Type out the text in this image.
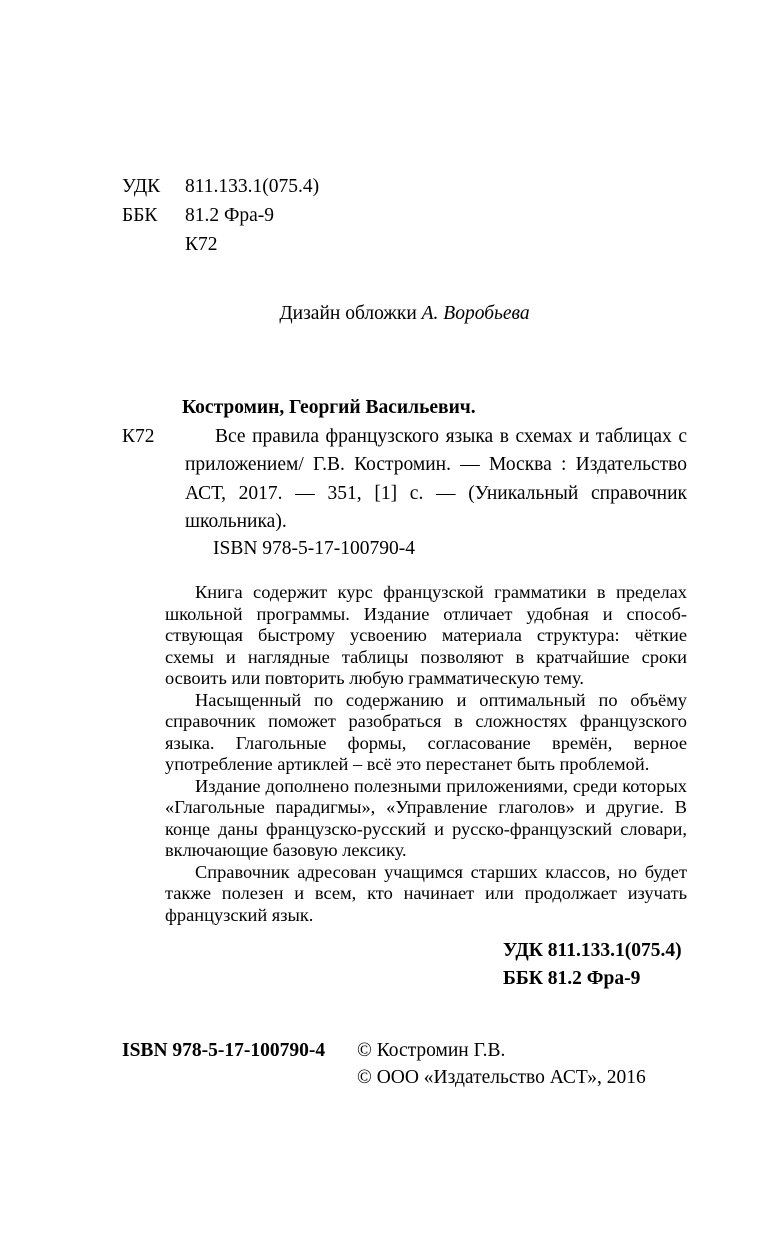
УДК	811.133.1(075.4)
ББК	81.2 Фра-9
К72
Дизайн обложки А. Воробьева
Костромин, Георгий Васильевич.
К72	Все правила французского языка в схемах и таблицах с приложением/ Г.В. Костромин. — Москва : Издательство АСТ, 2017. — 351, [1] с. — (Уникальный справочник школьника).
ISBN 978-5-17-100790-4

Книга содержит курс французской грамматики в пределах школьной программы. Издание отличает удобная и способствующая быстрому усвоению материала структура: чёткие схемы и наглядные таблицы позволяют в кратчайшие сроки освоить или повторить любую грамматическую тему.

Насыщенный по содержанию и оптимальный по объёму справочник поможет разобраться в сложностях французского языка. Глагольные формы, согласование времён, верное употребление артиклей – всё это перестанет быть проблемой.

Издание дополнено полезными приложениями, среди которых «Глагольные парадигмы», «Управление глаголов» и другие. В конце даны французско-русский и русско-французский словари, включающие базовую лексику.

Справочник адресован учащимся старших классов, но будет также полезен и всем, кто начинает или продолжает изучать французский язык.

УДК 811.133.1(075.4)
ББК 81.2 Фра-9
ISBN 978-5-17-100790-4 © Костромин Г.В.
© ООО «Издательство АСТ», 2016
